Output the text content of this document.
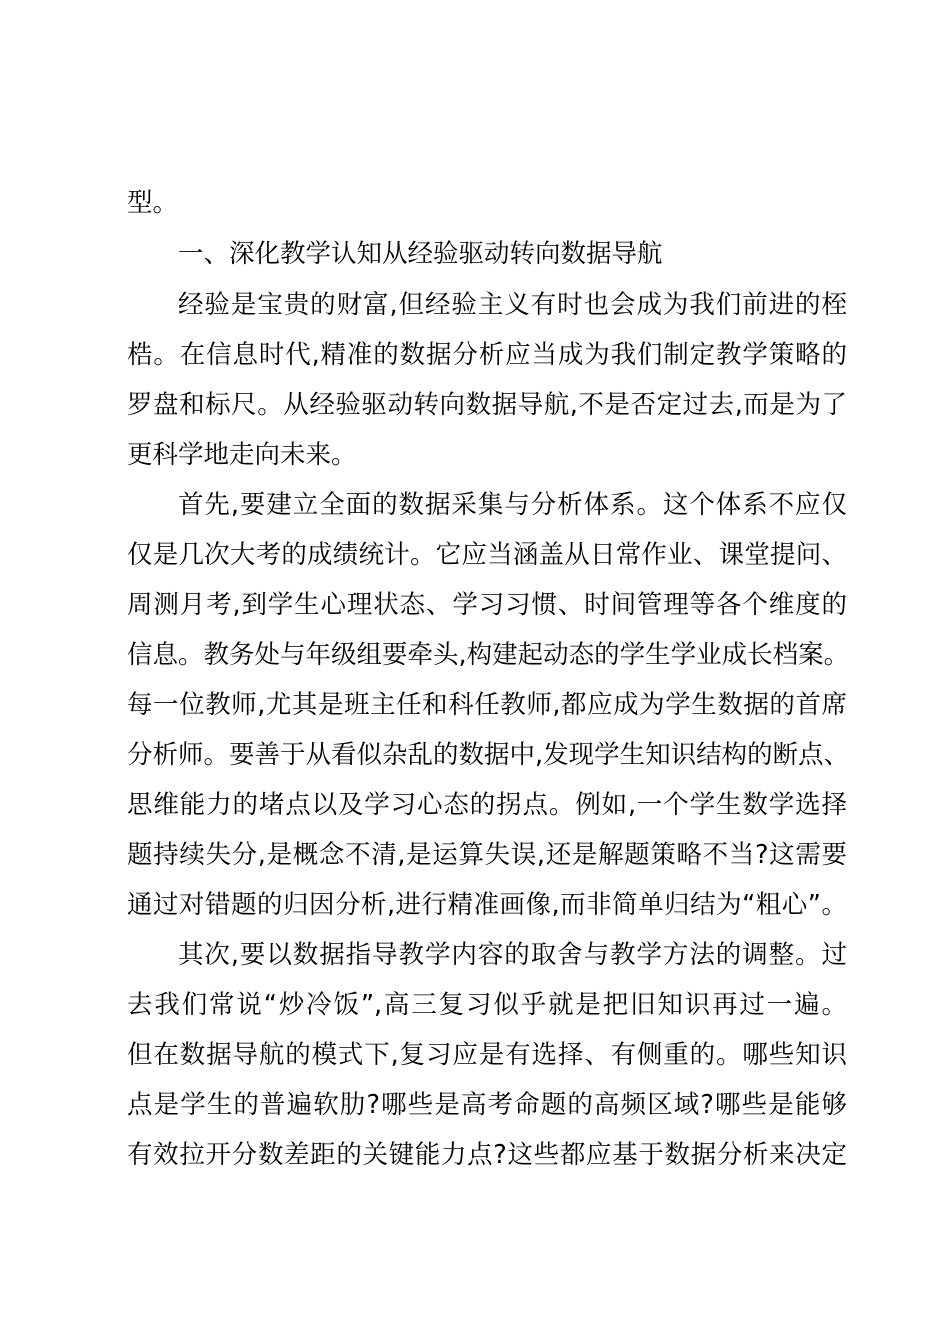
型。
一、深化教学认知从经验驱动转向数据导航
经验是宝贵的财富,但经验主义有时也会成为我们前进的桎
梏。在信息时代,精准的数据分析应当成为我们制定教学策略的
罗盘和标尺。从经验驱动转向数据导航,不是否定过去,而是为了
更科学地走向未来。
首先,要建立全面的数据采集与分析体系。这个体系不应仅
仅是几次大考的成绩统计。它应当涵盖从日常作业、课堂提问、
周测月考,到学生心理状态、学习习惯、时间管理等各个维度的
信息。教务处与年级组要牵头,构建起动态的学生学业成长档案。
每一位教师,尤其是班主任和科任教师,都应成为学生数据的首席
分析师。要善于从看似杂乱的数据中,发现学生知识结构的断点、
思维能力的堵点以及学习心态的拐点。例如,一个学生数学选择
题持续失分,是概念不清,是运算失误,还是解题策略不当?这需要
通过对错题的归因分析,进行精准画像,而非简单归结为“粗心”。
其次,要以数据指导教学内容的取舍与教学方法的调整。过
去我们常说“炒冷饭”,高三复习似乎就是把旧知识再过一遍。
但在数据导航的模式下,复习应是有选择、有侧重的。哪些知识
点是学生的普遍软肋?哪些是高考命题的高频区域?哪些是能够
有效拉开分数差距的关键能力点?这些都应基于数据分析来决定
